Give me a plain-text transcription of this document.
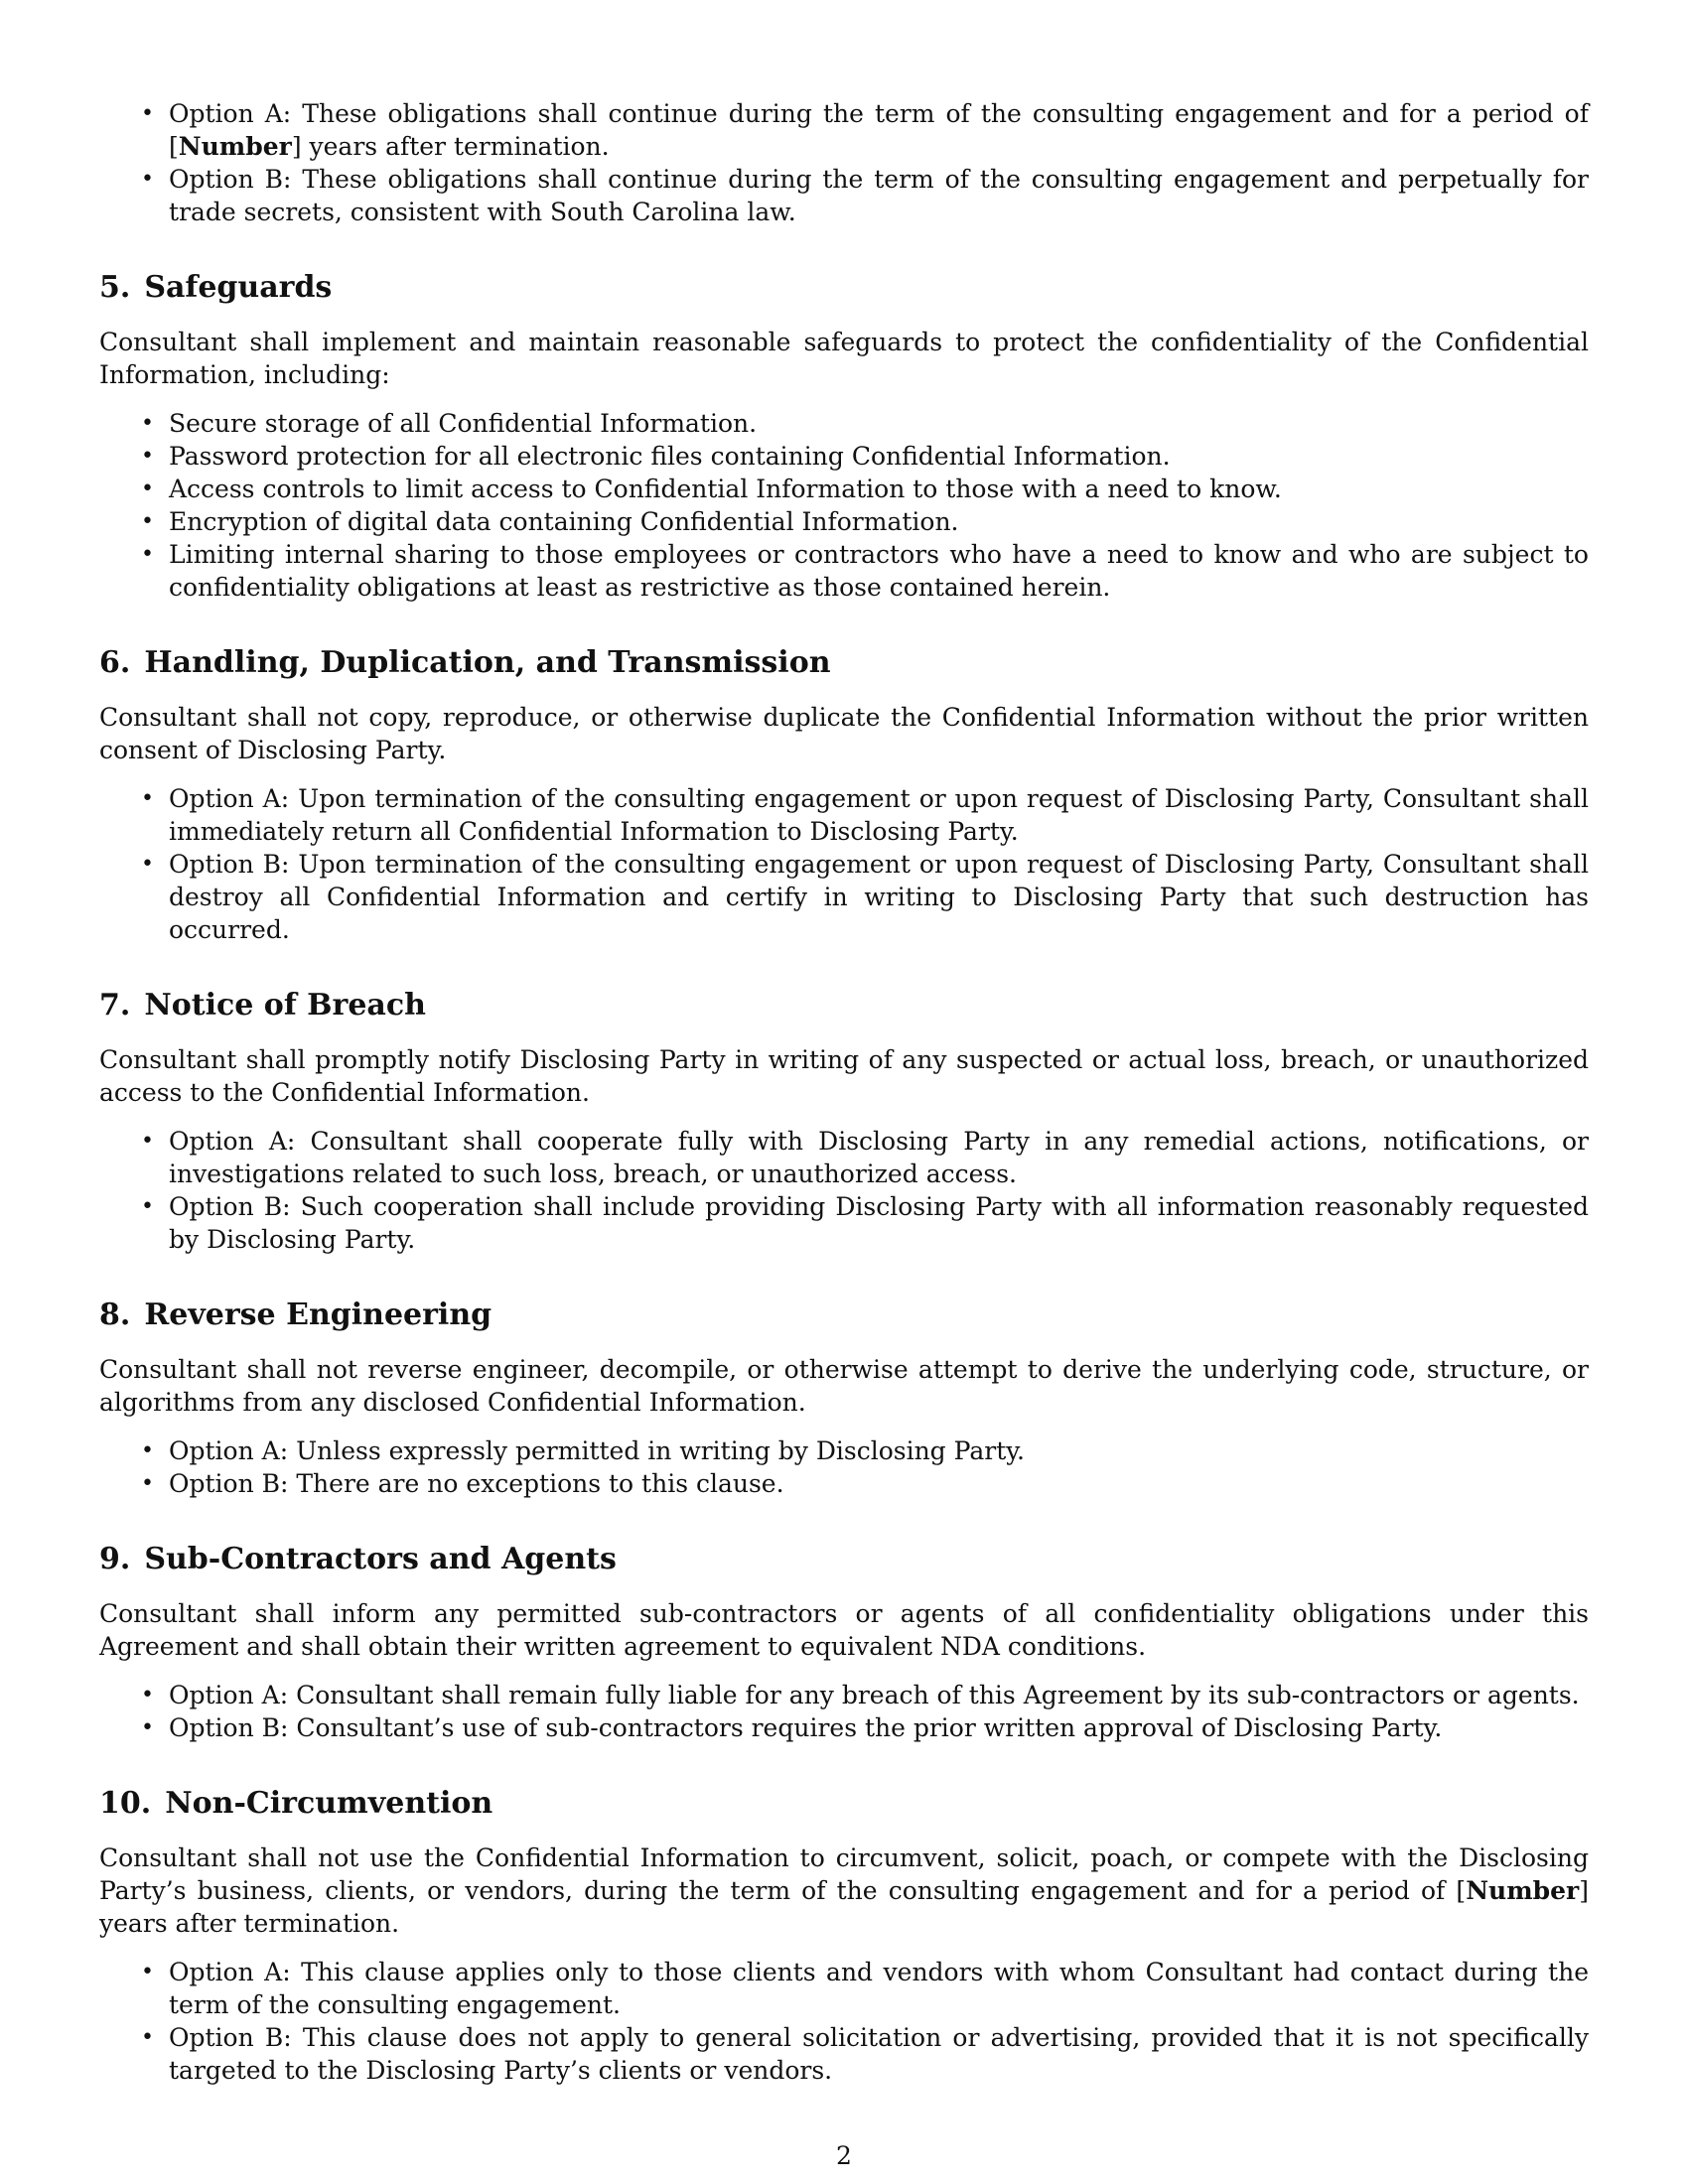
• Option A: These obligations shall continue during the term of the consulting engagement and for a period of [Number] years after termination.
• Option B: These obligations shall continue during the term of the consulting engagement and perpetually for trade secrets, consistent with South Carolina law.
5. Safeguards

Consultant shall implement and maintain reasonable safeguards to protect the confidentiality of the Confidential Information, including:

• Secure storage of all Confidential Information.
• Password protection for all electronic files containing Confidential Information.
• Access controls to limit access to Confidential Information to those with a need to know.
• Encryption of digital data containing Confidential Information.
• Limiting internal sharing to those employees or contractors who have a need to know and who are subject to confidentiality obligations at least as restrictive as those contained herein.
6. Handling, Duplication, and Transmission

Consultant shall not copy, reproduce, or otherwise duplicate the Confidential Information without the prior written consent of Disclosing Party.

• Option A: Upon termination of the consulting engagement or upon request of Disclosing Party, Consultant shall immediately return all Confidential Information to Disclosing Party.
• Option B: Upon termination of the consulting engagement or upon request of Disclosing Party, Consultant shall destroy all Confidential Information and certify in writing to Disclosing Party that such destruction has occurred.
7. Notice of Breach

Consultant shall promptly notify Disclosing Party in writing of any suspected or actual loss, breach, or unauthorized access to the Confidential Information.

• Option A: Consultant shall cooperate fully with Disclosing Party in any remedial actions, notifications, or investigations related to such loss, breach, or unauthorized access.
• Option B: Such cooperation shall include providing Disclosing Party with all information reasonably requested by Disclosing Party.
8. Reverse Engineering

Consultant shall not reverse engineer, decompile, or otherwise attempt to derive the underlying code, structure, or algorithms from any disclosed Confidential Information.

• Option A: Unless expressly permitted in writing by Disclosing Party.
• Option B: There are no exceptions to this clause.
9. Sub-Contractors and Agents

Consultant shall inform any permitted sub-contractors or agents of all confidentiality obligations under this Agreement and shall obtain their written agreement to equivalent NDA conditions.

• Option A: Consultant shall remain fully liable for any breach of this Agreement by its sub-contractors or agents.
• Option B: Consultant’s use of sub-contractors requires the prior written approval of Disclosing Party.
10. Non-Circumvention

Consultant shall not use the Confidential Information to circumvent, solicit, poach, or compete with the Disclosing Party’s business, clients, or vendors, during the term of the consulting engagement and for a period of [Number] years after termination.

• Option A: This clause applies only to those clients and vendors with whom Consultant had contact during the term of the consulting engagement.
• Option B: This clause does not apply to general solicitation or advertising, provided that it is not specifically targeted to the Disclosing Party’s clients or vendors.
2
